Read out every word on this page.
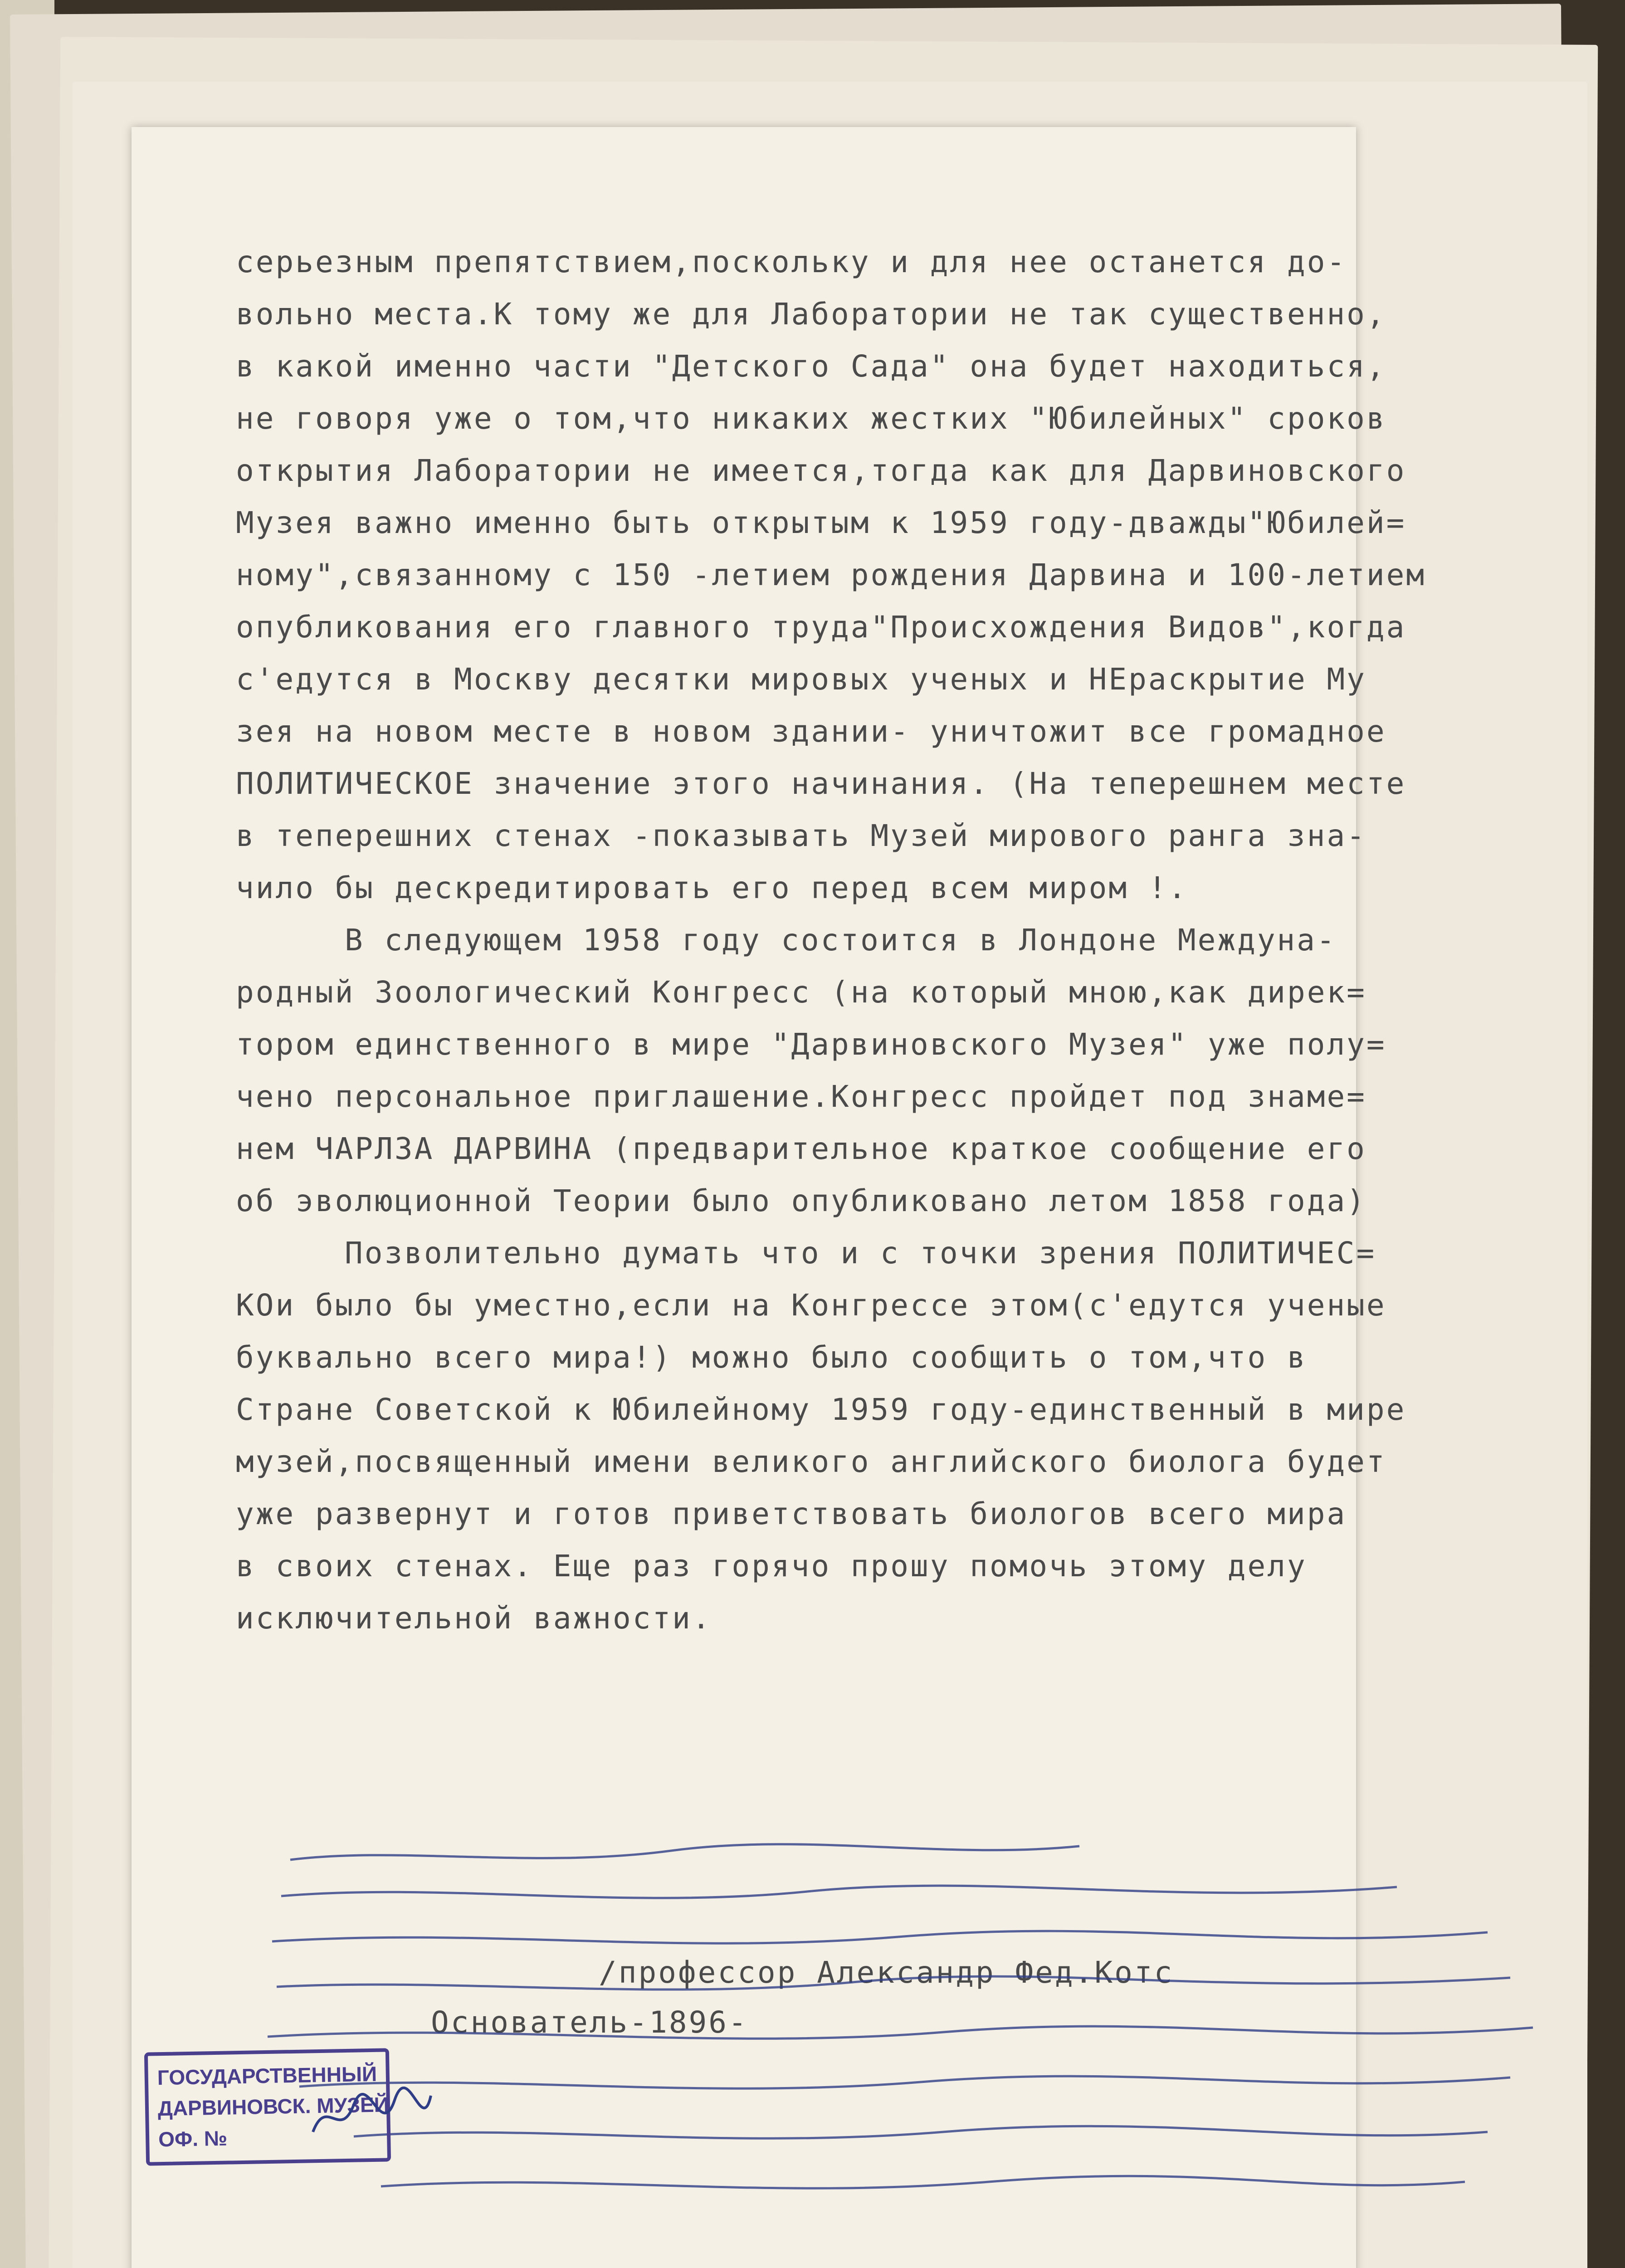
серьезным препятствием,поскольку и для нее останется до-
вольно места.К тому же для Лаборатории не так существенно,
в какой именно части "Детского Сада" она будет находиться,
не говоря уже о том,что никаких жестких "Юбилейных" сроков
открытия Лаборатории не имеется,тогда как для Дарвиновского
Музея важно именно быть открытым к 1959 году-дважды"Юбилей=
ному",связанному с 150 -летием рождения Дарвина и 100-летием
опубликования его главного труда"Происхождения Видов",когда
с'едутся в Москву десятки мировых ученых и НЕраскрытие Му
зея на новом месте в новом здании- уничтожит все громадное
ПОЛИТИЧЕСКОЕ значение этого начинания. (На теперешнем месте
в теперешних стенах -показывать Музей мирового ранга зна-
чило бы дескредитировать его перед всем миром !.
В следующем 1958 году состоится в Лондоне Междуна-
родный Зоологический Конгресс (на который мною,как дирек=
тором единственного в мире "Дарвиновского Музея" уже полу=
чено персональное приглашение.Конгресс пройдет под знаме=
нем ЧАРЛЗА ДАРВИНА (предварительное краткое сообщение его
об эволюционной Теории было опубликовано летом 1858 года)
Позволительно думать что и с точки зрения ПОЛИТИЧЕС=
КОи было бы уместно,если на Конгрессе этом(с'едутся ученые
буквально всего мира!) можно было сообщить о том,что в
Стране Советской к Юбилейному 1959 году-единственный в мире
музей,посвященный имени великого английского биолога будет
уже развернут и готов приветствовать биологов всего мира
в своих стенах. Еще раз горячо прошу помочь этому делу
исключительной важности.
/профессор Александр Фед.Котс
Основатель-1896-
ГОСУДАРСТВЕННЫЙ
ДАРВИНОВСК. МУЗЕЙ
ОФ. №
